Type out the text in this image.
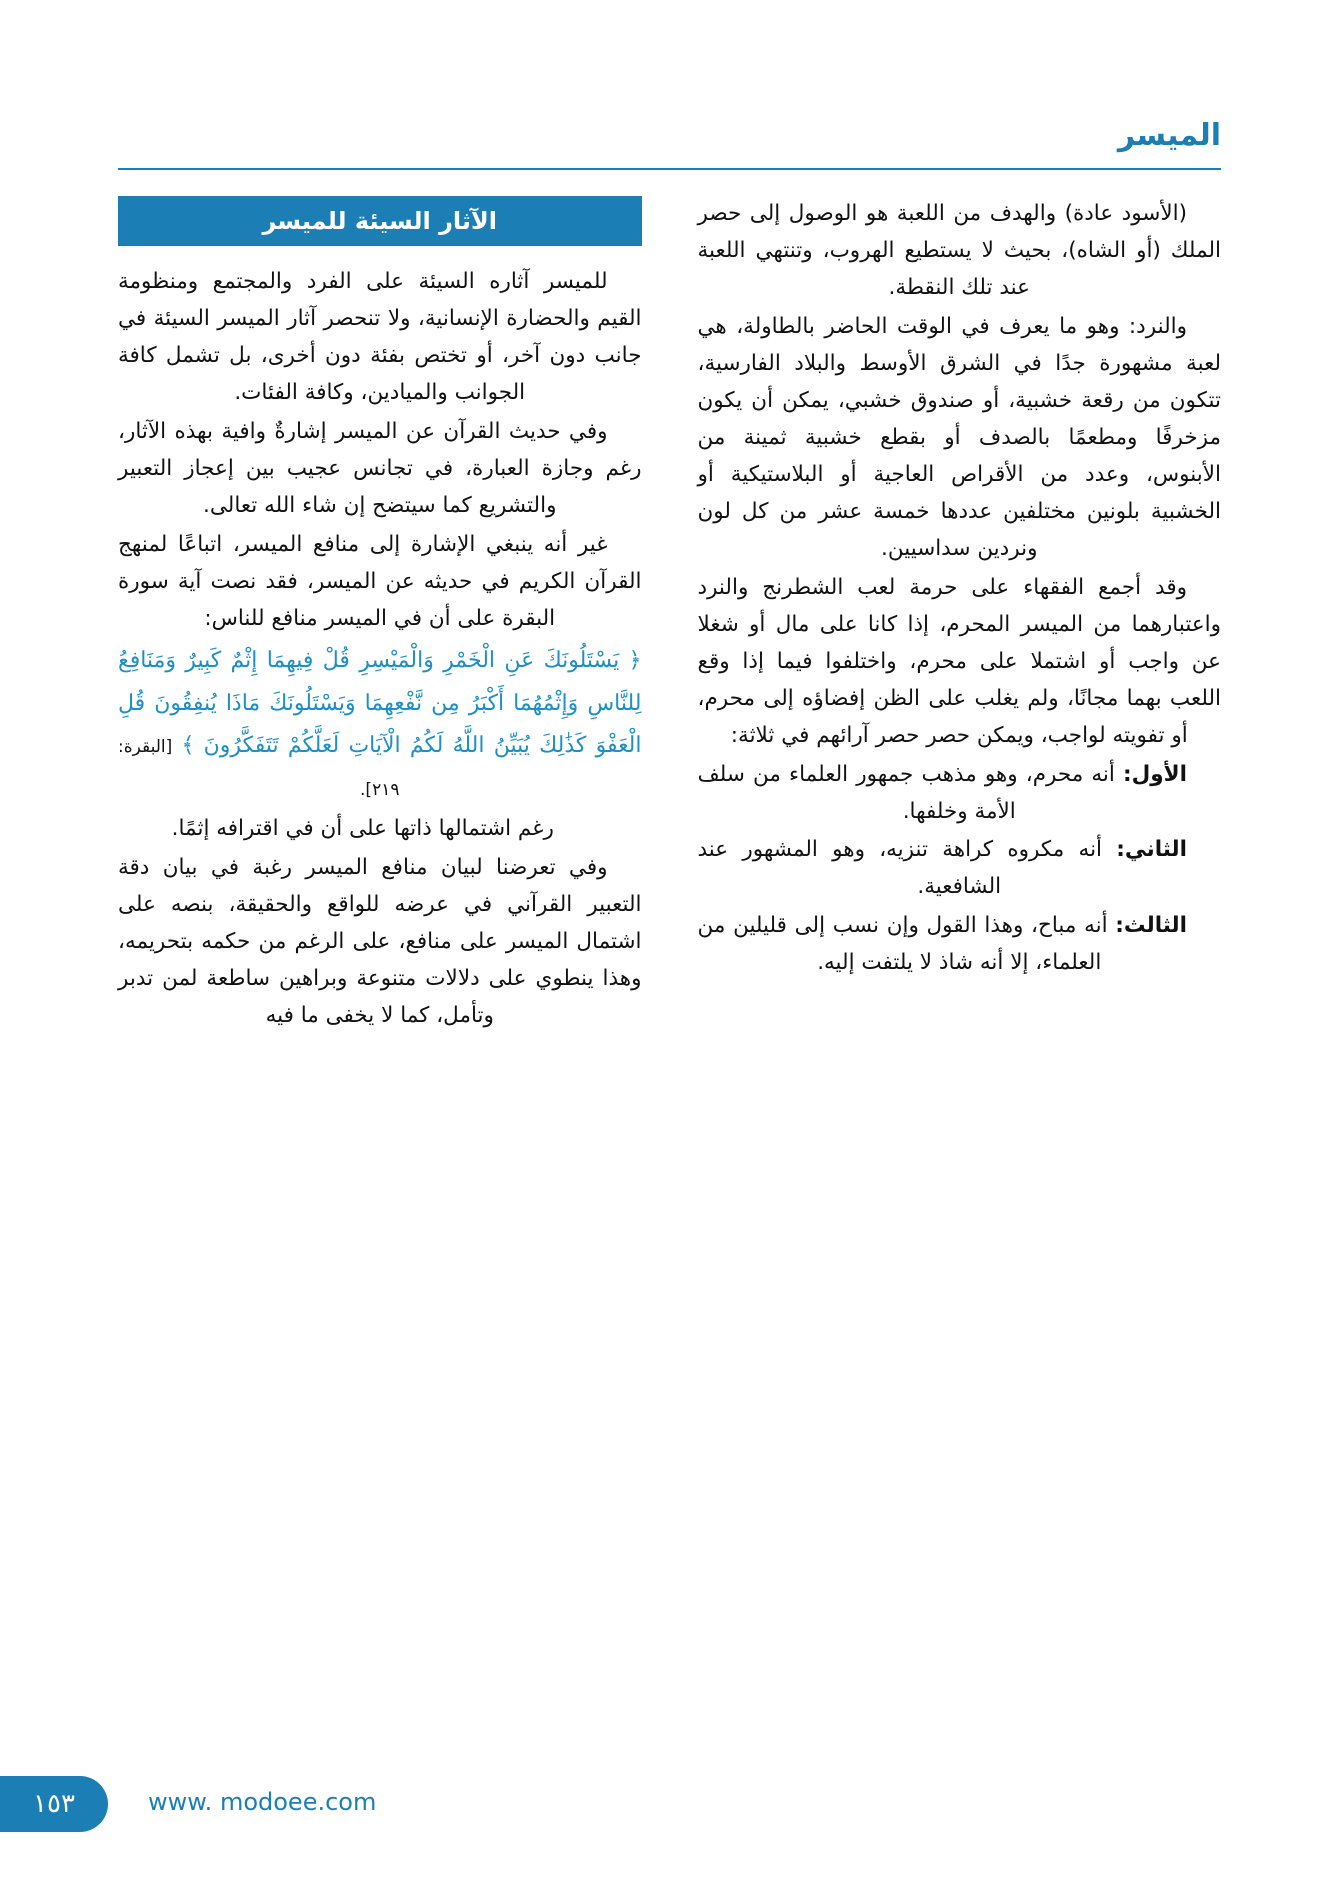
الميسر

(الأسود عادة) والهدف من اللعبة هو الوصول إلى حصر الملك (أو الشاه)، بحيث لا يستطيع الهروب، وتنتهي اللعبة عند تلك النقطة.

والنرد: وهو ما يعرف في الوقت الحاضر بالطاولة، هي لعبة مشهورة جدًا في الشرق الأوسط والبلاد الفارسية، تتكون من رقعة خشبية، أو صندوق خشبي، يمكن أن يكون مزخرفًا ومطعمًا بالصدف أو بقطع خشبية ثمينة من الأبنوس، وعدد من الأقراص العاجية أو البلاستيكية أو الخشبية بلونين مختلفين عددها خمسة عشر من كل لون ونردين سداسيين.

وقد أجمع الفقهاء على حرمة لعب الشطرنج والنرد واعتبارهما من الميسر المحرم، إذا كانا على مال أو شغلا عن واجب أو اشتملا على محرم، واختلفوا فيما إذا وقع اللعب بهما مجانًا، ولم يغلب على الظن إفضاؤه إلى محرم، أو تفويته لواجب، ويمكن حصر حصر آرائهم في ثلاثة:

الأول: أنه محرم، وهو مذهب جمهور العلماء من سلف الأمة وخلفها.

الثاني: أنه مكروه كراهة تنزيه، وهو المشهور عند الشافعية.

الثالث: أنه مباح، وهذا القول وإن نسب إلى قليلين من العلماء، إلا أنه شاذ لا يلتفت إليه.

الآثار السيئة للميسر

للميسر آثاره السيئة على الفرد والمجتمع ومنظومة القيم والحضارة الإنسانية، ولا تنحصر آثار الميسر السيئة في جانب دون آخر، أو تختص بفئة دون أخرى، بل تشمل كافة الجوانب والميادين، وكافة الفئات.

وفي حديث القرآن عن الميسر إشارةٌ وافية بهذه الآثار، رغم وجازة العبارة، في تجانس عجيب بين إعجاز التعبير والتشريع كما سيتضح إن شاء الله تعالى.

غير أنه ينبغي الإشارة إلى منافع الميسر، اتباعًا لمنهج القرآن الكريم في حديثه عن الميسر، فقد نصت آية سورة البقرة على أن في الميسر منافع للناس:

﴿ يَسْتَلُونَكَ عَنِ الْخَمْرِ وَالْمَيْسِرِ قُلْ فِيهِمَا إِثْمٌ كَبِيرٌ وَمَنَافِعُ لِلنَّاسِ وَإِثْمُهُمَا أَكْبَرُ مِن نَّفْعِهِمَا وَيَسْتَلُونَكَ مَاذَا يُنفِقُونَ قُلِ الْعَفْوَ كَذَٰلِكَ يُبَيِّنُ اللَّهُ لَكُمُ الْآيَاتِ لَعَلَّكُمْ تَتَفَكَّرُونَ ﴾ [البقرة: ٢١٩].

رغم اشتمالها ذاتها على أن في اقترافه إثمًا.

وفي تعرضنا لبيان منافع الميسر رغبة في بيان دقة التعبير القرآني في عرضه للواقع والحقيقة، بنصه على اشتمال الميسر على منافع، على الرغم من حكمه بتحريمه، وهذا ينطوي على دلالات متنوعة وبراهين ساطعة لمن تدبر وتأمل، كما لا يخفى ما فيه

١٥٣	www. modoee.com
